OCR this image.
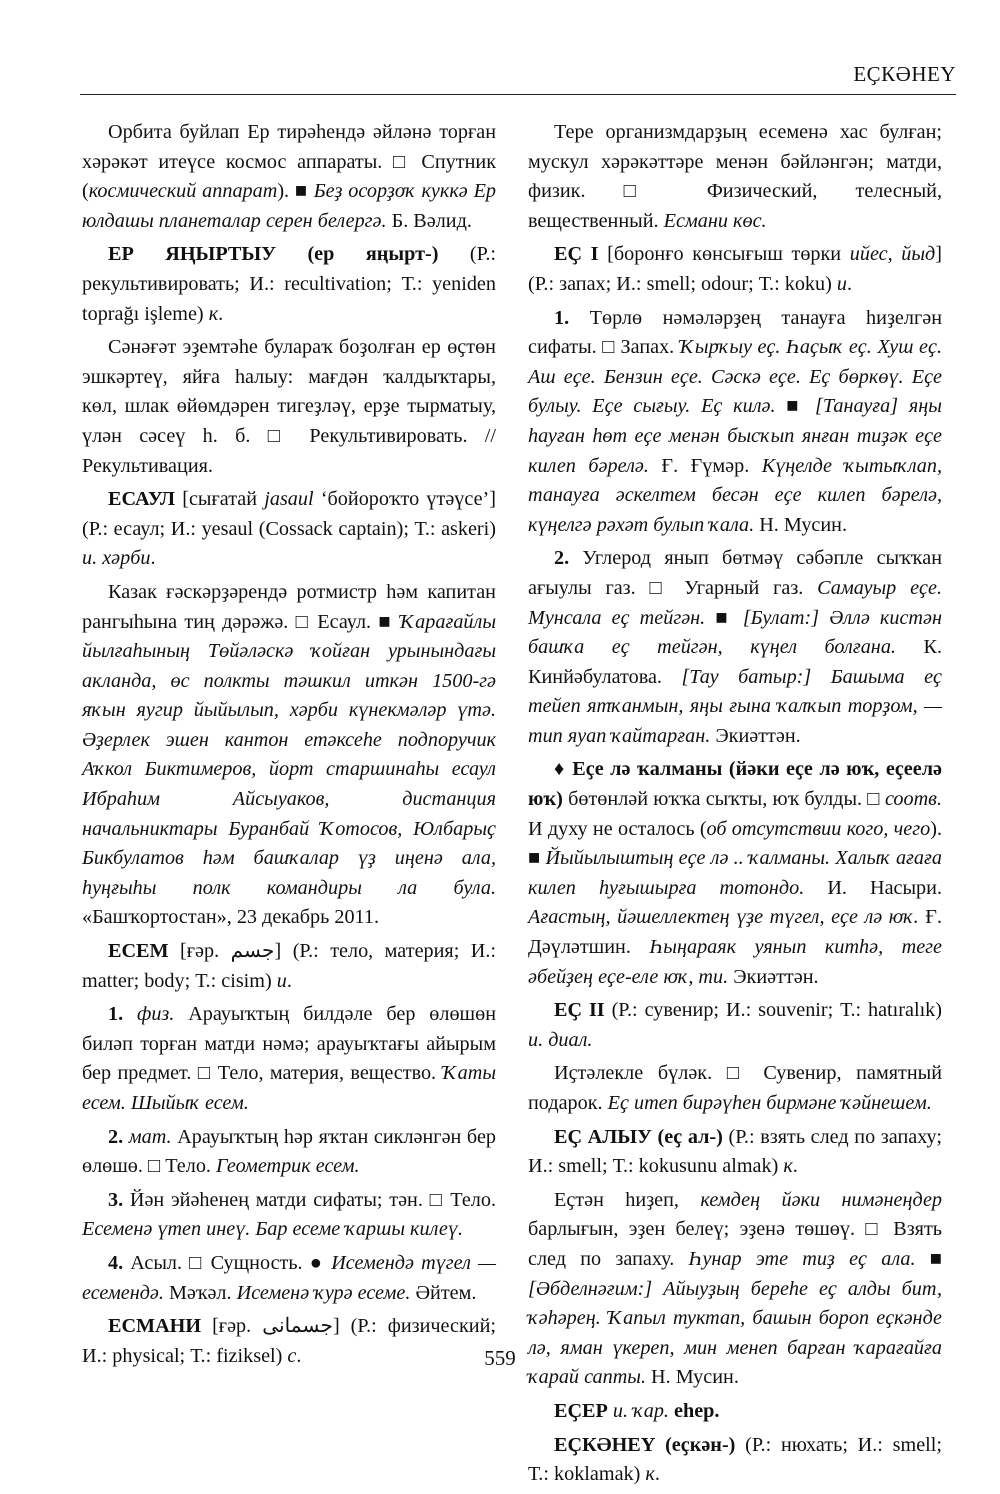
ЕҪКӘНЕҮ

Орбита буйлап Ер тирәһендә әйләнә торған хәрәкәт итеүсе космос аппараты. □ Спутник (космический аппарат). ■ Беҙ осорҙоҡ куккә Ер юлдашы планеталар серен белергә. Б. Вәлид.

ЕР ЯҢЫРТЫУ (ер яңырт-) (Р.: рекультивировать; И.: recultivation; Т.: yeniden toprağı işleme) к.

Сәнәғәт эҙемтәһе булараҡ боҙолған ер өҫтөн эшкәртеү, яйға һалыу: мағдән ҡалдыҡтары, көл, шлак өйөмдәрен тигеҙләү, ерҙе тырматыу, үлән сәсеү һ. б. □ Рекультивировать. // Рекультивация.

ЕСАУЛ [сығатай jasaul ‘бойороҡто үтәүсе’] (Р.: есаул; И.: yesaul (Cossack captain); Т.: askeri) и. хәрби.

Казак ғәскәрҙәрендә ротмистр һәм капитан рангыһына тиң дәрәжә. □ Есаул. ■ Ҡарағайлы йылғаһының Төйәләскә ҡойған урынындағы акланда, өс полкты тәшкил иткән 1500-гә яҡын яугир йыйылып, хәрби күнекмәләр үтә. Әҙерлек эшен кантон етәксеһе подпоручик Аҡкол Биктимеров, йорт старшинаһы есаул Ибраһим Айсыуаков, дистанция начальниктары Буранбай Ҡотосов, Юлбарыҫ Бикбулатов һәм башҡалар үҙ иңенә ала, һуңғыһы полк командиры ла була. «Башҡортостан», 23 декабрь 2011.

ЕСЕМ [ғәр. جسم] (Р.: тело, материя; И.: matter; body; Т.: cisim) и.

1. физ. Арауыҡтың билдәле бер өлөшөн биләп торған матди нәмә; арауыҡтағы айырым бер предмет. □ Тело, материя, вещество. Ҡаты есем. Шыйыҡ есем.

2. мат. Арауыҡтың һәр яҡтан сикләнгән бер өлөшө. □ Тело. Геометрик есем.

3. Йән эйәһенең матди сифаты; тән. □ Тело. Есеменә үтеп инеү. Бар есеме ҡаршы килеү.

4. Асыл. □ Сущность. ● Исемендә түгел — есемендә. Мәҡәл. Исеменә ҡурә есеме. Әйтем.

ЕСМАНИ [ғәр. جسمانی] (Р.: физический; И.: physical; Т.: fiziksel) с.

Тере организмдарҙың есеменә хас булған; мускул хәрәкәттәре менән бәйләнгән; матди, физик. □ Физический, телесный, вещественный. Есмани көс.

ЕҪ I [боронғо көнсығыш төрки ийес, йыд] (Р.: запах; И.: smell; odour; Т.: koku) и.

1. Төрлө нәмәләрҙең танауға һиҙелгән сифаты. □ Запах. Ҡырҡыу еҫ. Һаҫыҡ еҫ. Хуш еҫ. Аш еҫе. Бензин еҫе. Сәскә еҫе. Еҫ бөркөү. Еҫе булыу. Еҫе сығыу. Еҫ килә. ■ [Танауға] яңы һауған һөт еҫе менән бысҡып янған тиҙәк еҫе килеп бәрелә. Ғ. Ғүмәр. Күңелде ҡытыҡлап, танауға әскелтем бесән еҫе килеп бәрелә, күңелгә рәхәт булып ҡала. Н. Мусин.

2. Углерод янып бөтмәү сәбәпле сыҡҡан ағыулы газ. □ Угарный газ. Самауыр еҫе. Мунсала еҫ тейгән. ■ [Булат:] Әллә кистән башҡа еҫ тейгән, күңел болғана. К. Кинйәбулатова. [Тау батыр:] Башыма еҫ тейеп ятҡанмын, яңы ғына ҡалҡып торҙом, — тип яуап ҡайтарған. Экиәттән.

♦ Еҫе лә ҡалманы (йәки еҫе лә юҡ, еҫеелә юҡ) бөтөнләй юҡҡа сыҡты, юҡ булды. □ соотв. И духу не осталось (об отсутствии кого, чего). ■ Йыйылыштың еҫе лә .. ҡалманы. Халыҡ ағаға килеп һуғышырға тотондо. И. Насыри. Ағастың, йәшеллектең үҙе түгел, еҫе лә юҡ. Ғ. Дәүләтшин. Һыңараяк уянып китһә, теге әбейҙең еҫе-еле юҡ, ти. Экиәттән.

ЕҪ II (Р.: сувенир; И.: souvenir; Т.: hatıralık) и. диал.

Иҫтәлекле бүләк. □ Сувенир, памятный подарок. Еҫ итеп бирәүһен бирмәне ҡәйнешем.

ЕҪ АЛЫУ (еҫ ал-) (Р.: взять след по запаху; И.: smell; Т.: kokusunu almak) к.

Еҫтән һиҙеп, кемдең йәки нимәнеңдер барлығын, эҙен белеү; эҙенә төшөү. □ Взять след по запаху. Һунар эте тиҙ еҫ ала. ■ [Әбделнәғим:] Айыуҙың береһе еҫ алды бит, ҡәһәрең. Ҡапыл туктап, башын бороп еҫкәнде лә, яман үкереп, мин менеп барған ҡарағайға ҡарай сапты. Н. Мусин.

ЕҪЕР и. ҡар. еһер.

ЕҪКӘНЕҮ (еҫкән-) (Р.: нюхать; И.: smell; Т.: koklamak) к.

559
